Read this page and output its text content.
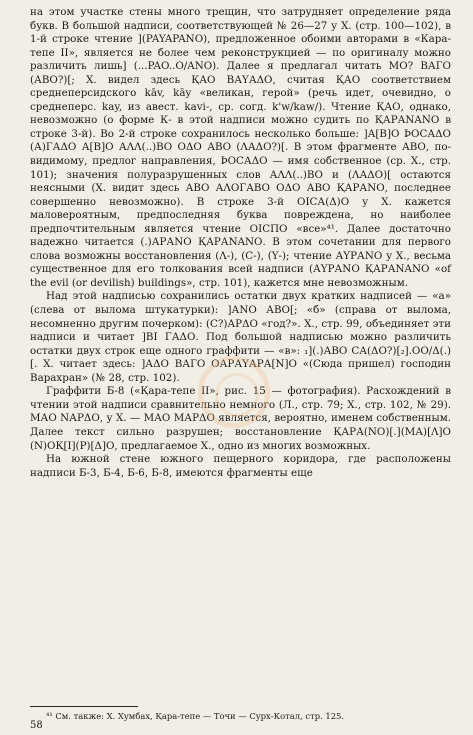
на этом участке стены много трещин, что затрудняет определение ряда букв. В большой надписи, соответствующей № 26—27 у Х. (стр. 100—102), в 1-й строке чтение ](PAYAPANO), предложенное обоими авторами в «Кара-тепе II», является не более чем реконструкцией — по оригиналу можно различить лишь] (...PAO..O/ANO). Далее я предлагал читать МО? ВАГО (АВО?)[; Х. видел здесь ҚАО ВАҮАΔО, считая ҚАО соответствием среднеперсидского kāv, kāy «великан, герой» (речь идет, очевидно, о среднеперс. kay, из авест. kavi-, ср. согд. k'w/kaw/). Чтение ҚАО, однако, невозможно (о форме К- в этой надписи можно судить по ҚАРАNANO в строке 3-й). Во 2-й строке сохранилось несколько больше: ]А[В]О ÞОСАΔО (А)ГАΔО А[В]О АΛΛ(..)ВО ОΔО АВО (ΛАΔО?)[. В этом фрагменте АВО, по-видимому, предлог направления, ÞОСАΔО — имя собственное (ср. Х., стр. 101); значения полуразрушенных слов АΛΛ(..)ВО и (ΛАΔО)[ остаются неясными (Х. видит здесь АВО АΛОГАВО ОΔО АВО ҚАРАNО, последнее совершенно невозможно). В строке 3-й ОIСА(Δ)О у Х. кажется маловероятным, предпоследняя буква повреждена, но наиболее предпочтительным является чтение ОIСПО «все»⁴¹. Далее достаточно надежно читается (.)АРАNО ҚАРАNANО. В этом сочетании для первого слова возможны восстановления (Λ-), (С-), (Ү-); чтение АҮРАNО у Х., весьма существенное для его толкования всей надписи (АҮРАNО ҚАРАNANО «of the evil (or devilish) buildings», стр. 101), кажется мне невозможным.

Над этой надписью сохранились остатки двух кратких надписей — «а» (слева от вылома штукатурки): ]АNО АВО[; «б» (справа от вылома, несомненно другим почерком): (С?)АРΔО «год?». Х., стр. 99, объединяет эти надписи и читает ]ВI ГАΔО. Под большой надписью можно различить остатки двух строк еще одного граффити — «в»: ₁](.)АВО СА(ΔО?)[₂].ОО/Δ(.)[. Х. читает здесь: ]АΔО ВАГО ОАРАҮАРА[N]О «(Сюда пришел) господин Варахран» (№ 28, стр. 102).

Граффити Б-8 («Қара-тепе II», рис. 15 — фотография). Расхождений в чтении этой надписи сравнительно немного (Л., стр. 79; Х., стр. 102, № 29). МАО NАРΔО, у Х. — МАО МАРΔО является, вероятно, именем собственным. Далее текст сильно разрушен; восстановление ҚАРА(NО)[.](МА)[Λ]О (N)ОҚ[I](Р)[Δ]О, предлагаемое Х., одно из многих возможных.

На южной стене южного пещерного коридора, где расположены надписи Б-3, Б-4, Б-6, Б-8, имеются фрагменты еще

⁴¹ См. также: Х. Хумбах, Қара-тепе — Точи — Сурх-Котал, стр. 125.
58
